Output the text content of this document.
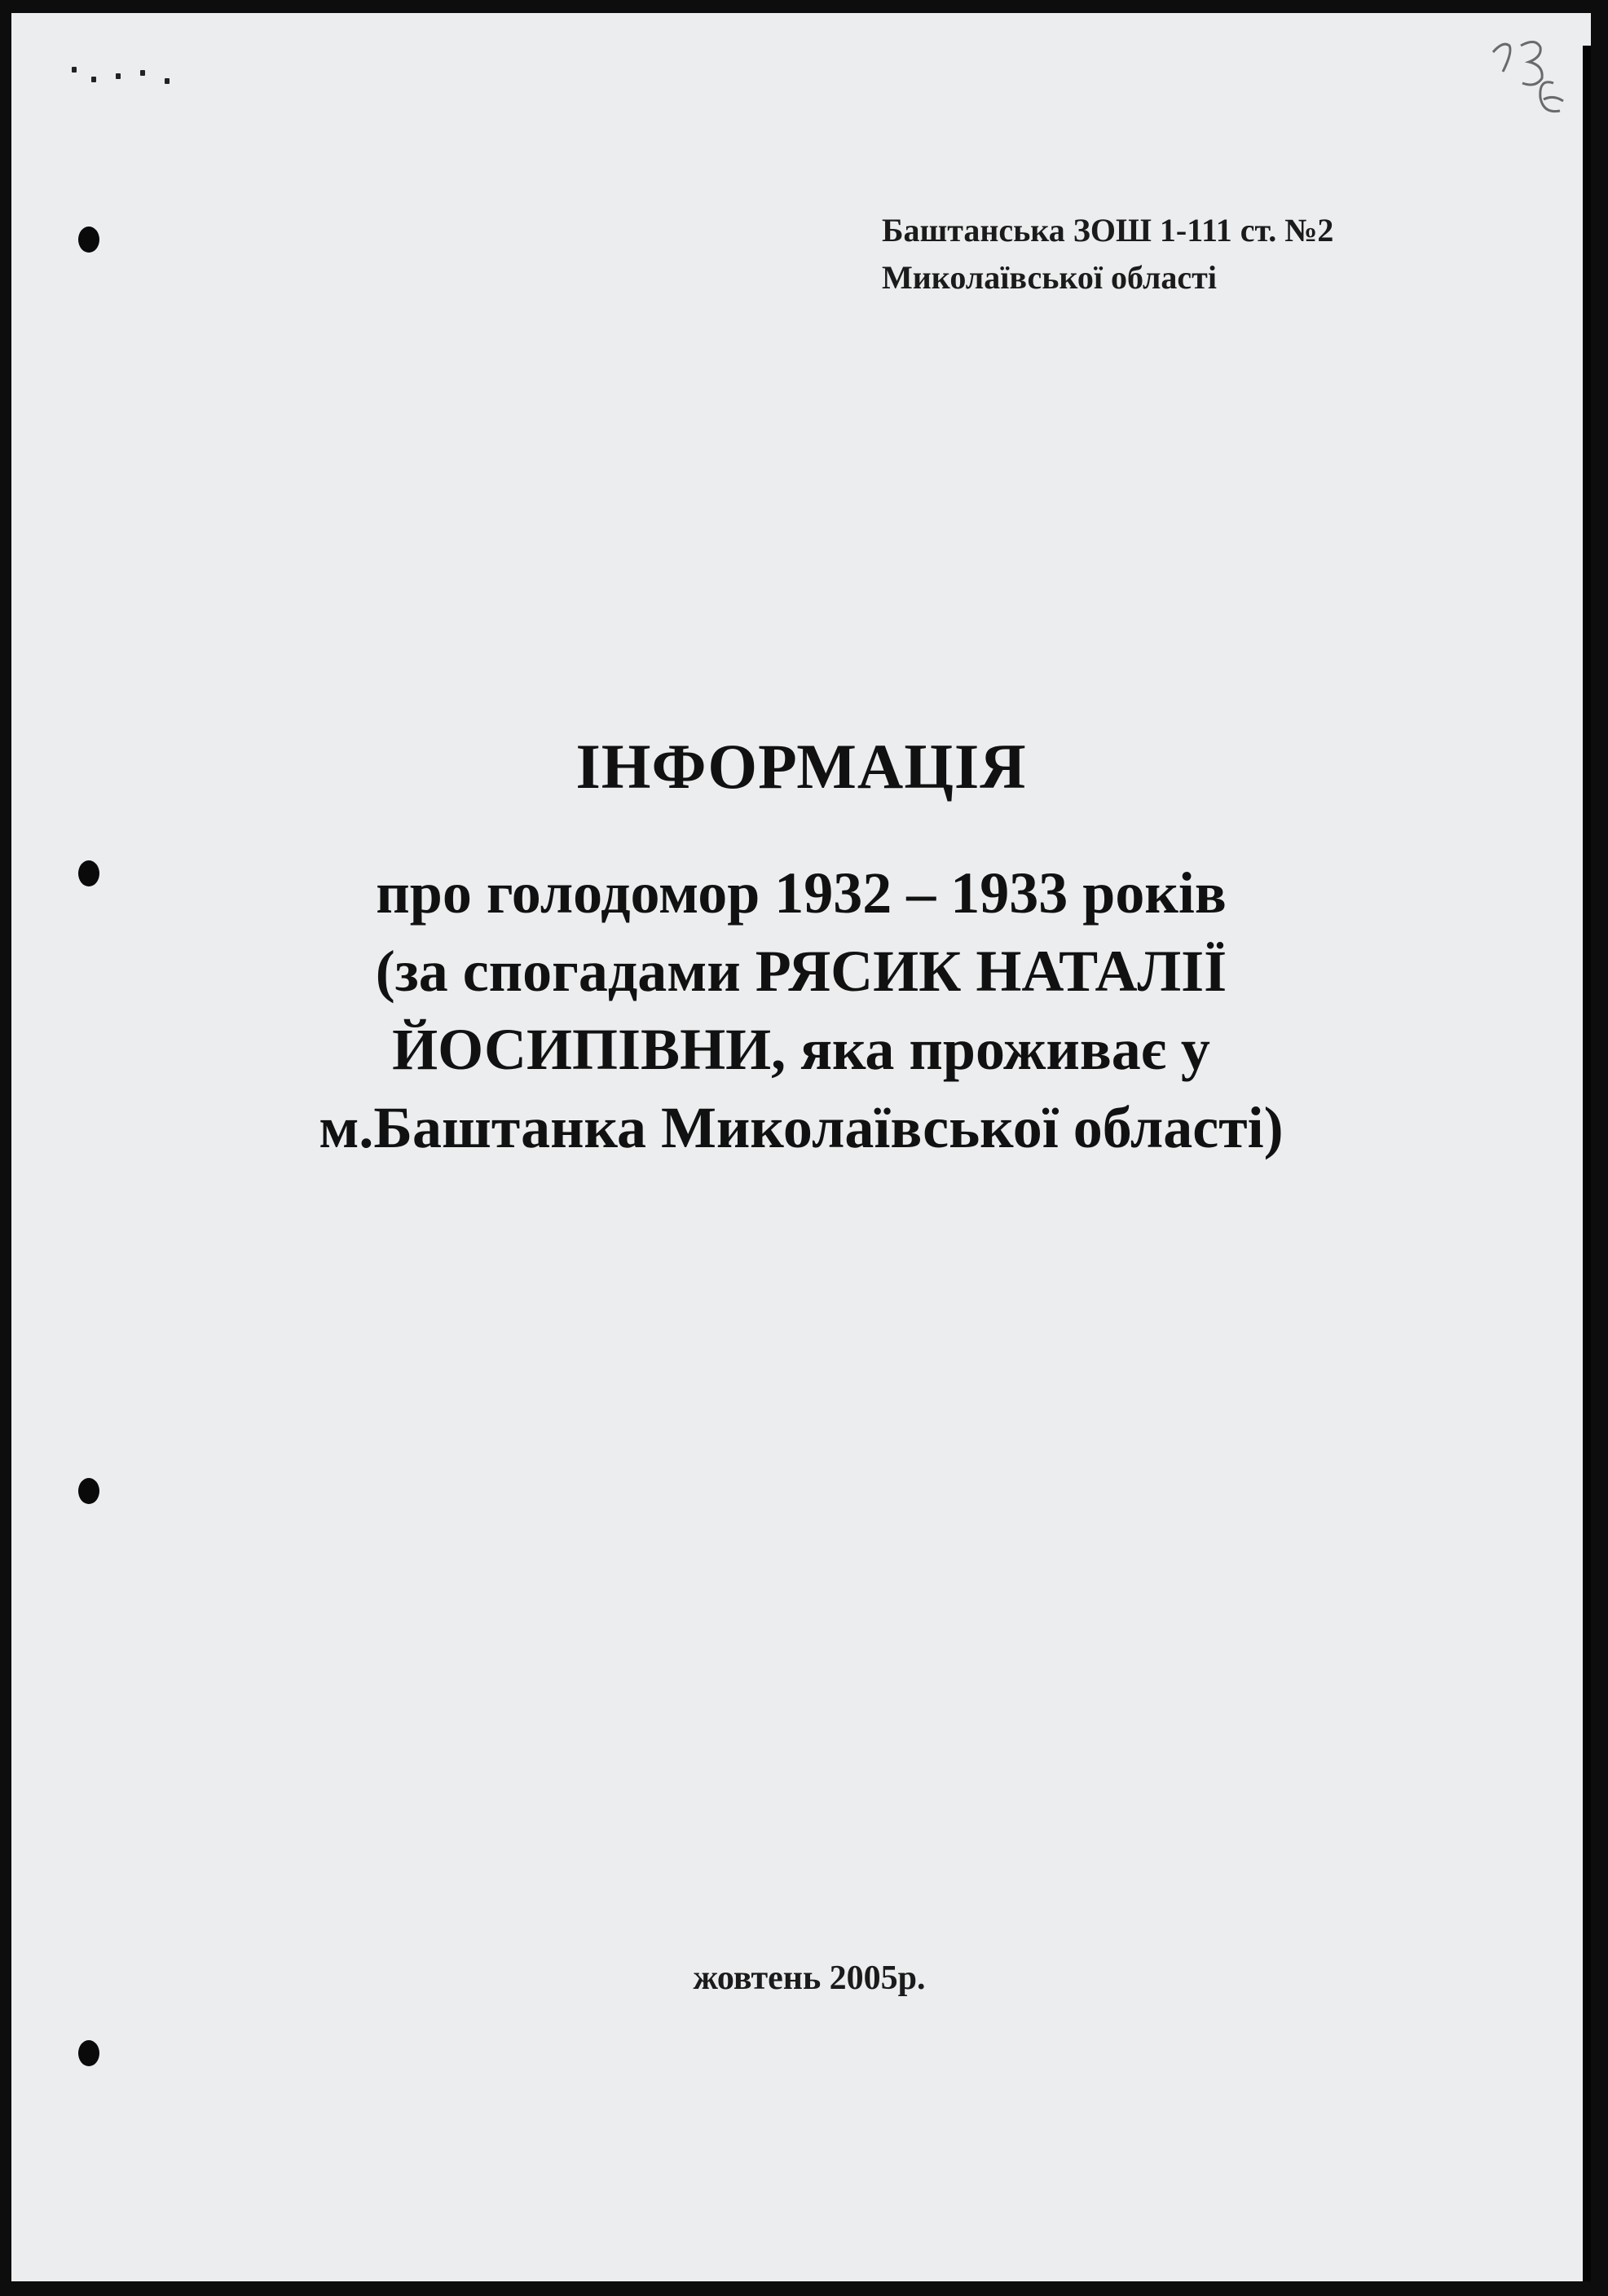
Баштанська ЗОШ 1-111 ст. №2
Миколаївської області
ІНФОРМАЦІЯ
про голодомор 1932 – 1933 років
(за спогадами РЯСИК НАТАЛІЇ
ЙОСИПІВНИ, яка проживає у
м.Баштанка Миколаївської області)
жовтень 2005р.
